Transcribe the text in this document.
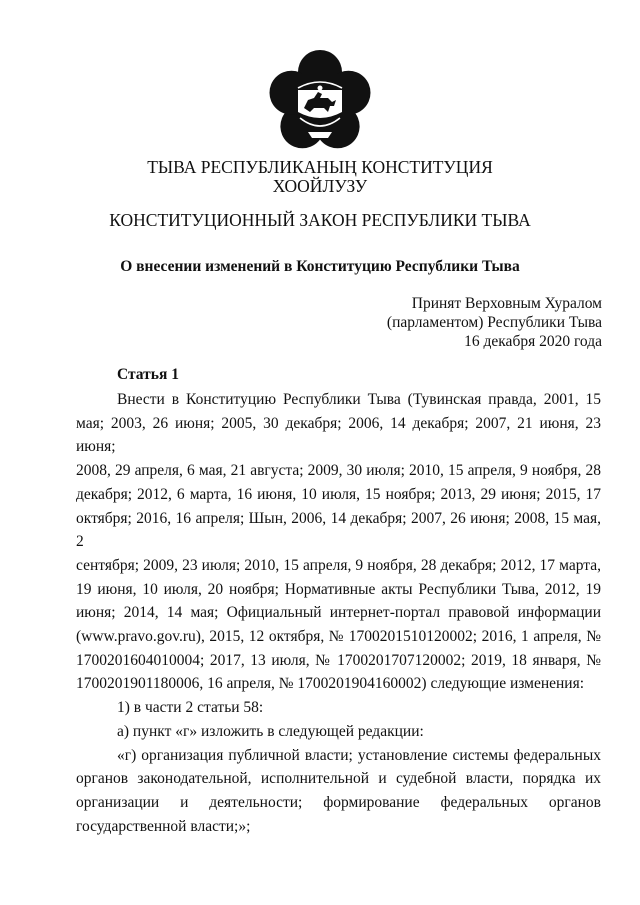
ТЫВА РЕСПУБЛИКАНЫҢ КОНСТИТУЦИЯ
ХООЙЛУЗУ
КОНСТИТУЦИОННЫЙ ЗАКОН РЕСПУБЛИКИ ТЫВА
О внесении изменений в Конституцию Республики Тыва
Принят Верховным Хуралом
(парламентом) Республики Тыва
16 декабря 2020 года
Статья 1

Внести в Конституцию Республики Тыва (Тувинская правда, 2001, 15

мая; 2003, 26 июня; 2005, 30 декабря; 2006, 14 декабря; 2007, 21 июня, 23 июня;

2008, 29 апреля, 6 мая, 21 августа; 2009, 30 июля; 2010, 15 апреля, 9 ноября, 28

декабря; 2012, 6 марта, 16 июня, 10 июля, 15 ноября; 2013, 29 июня; 2015, 17

октября; 2016, 16 апреля; Шын, 2006, 14 декабря; 2007, 26 июня; 2008, 15 мая, 2

сентября; 2009, 23 июля; 2010, 15 апреля, 9 ноября, 28 декабря; 2012, 17 марта,

19 июня, 10 июля, 20 ноября; Нормативные акты Республики Тыва, 2012, 19

июня; 2014, 14 мая; Официальный интернет-портал правовой информации

(www.pravo.gov.ru), 2015, 12 октября, № 1700201510120002; 2016, 1 апреля, №

1700201604010004; 2017, 13 июля, № 1700201707120002; 2019, 18 января, №

1700201901180006, 16 апреля, № 1700201904160002) следующие изменения:

1) в части 2 статьи 58:

а) пункт «г» изложить в следующей редакции:

«г) организация публичной власти; установление системы федеральных

органов законодательной, исполнительной и судебной власти, порядка их

организации и деятельности; формирование федеральных органов

государственной власти;»;
